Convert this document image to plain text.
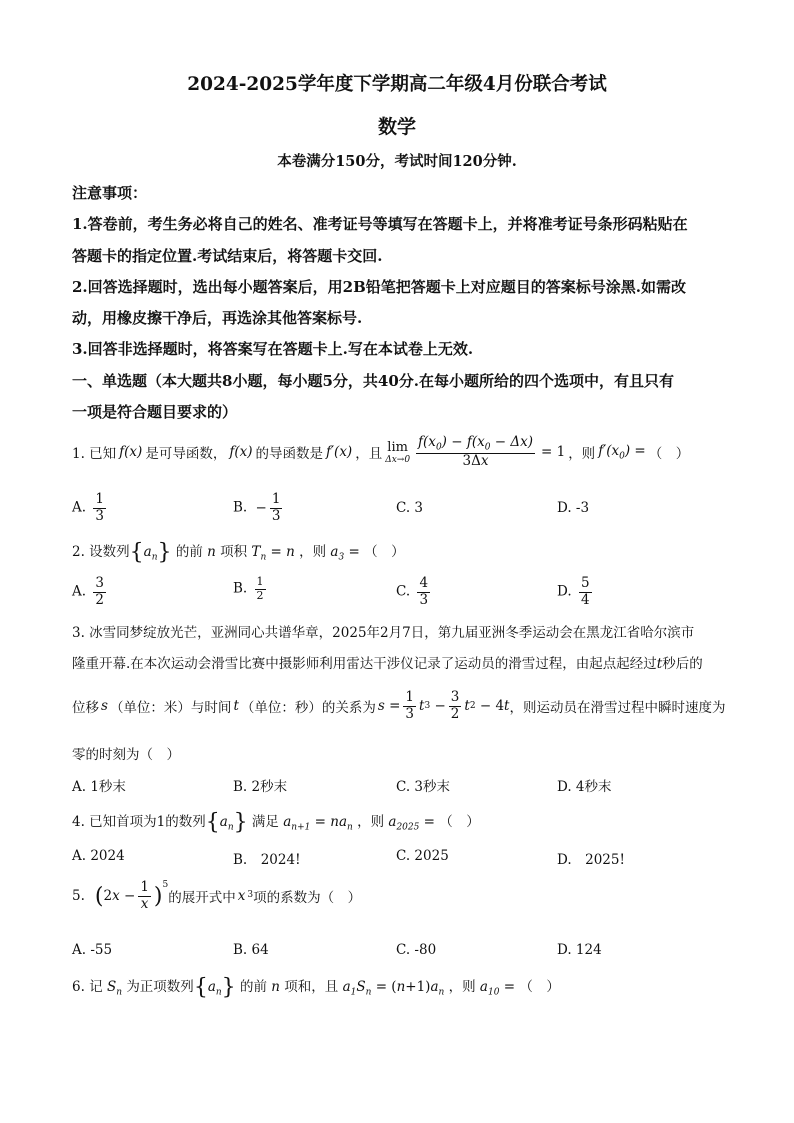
2024-2025学年度下学期高二年级4月份联合考试
数学
本卷满分150分，考试时间120分钟.
注意事项：
1.答卷前，考生务必将自己的姓名、准考证号等填写在答题卡上，并将准考证号条形码粘贴在
答题卡的指定位置.考试结束后，将答题卡交回.
2.回答选择题时，选出每小题答案后，用2B铅笔把答题卡上对应题目的答案标号涂黑.如需改
动，用橡皮擦干净后，再选涂其他答案标号.
3.回答非选择题时，将答案写在答题卡上.写在本试卷上无效.
一、单选题（本大题共8小题，每小题5分，共40分.在每小题所给的四个选项中，有且只有
一项是符合题目要求的）
1. 已知 f(x) 是可导函数， f(x) 的导函数是 f′(x) ，且 lim
$\Delta x\to 0 \frac{f(x_0) - f(x_0 - \Delta x)}{3\Delta x} = 1$ ，则 $f'(x_0)$ = （　）
A. $\frac{1}{3}$	B. − $\frac{1}{3}$	C. 3	D. -3
2. 设数列$\{a_n\}$ 的前 n 项积 $T_n = n$ ，则 $a_3$ = （　）
A. $\frac{3}{2}$	B. $\frac{1}{2}$	C. $\frac{4}{3}$	D. $\frac{5}{4}$
3. 冰雪同梦绽放光芒，亚洲同心共谱华章，2025年2月7日，第九届亚洲冬季运动会在黑龙江省哈尔滨市
隆重开幕.在本次运动会滑雪比赛中摄影师利用雷达干涉仪记录了运动员的滑雪过程，由起点起经过t秒后的
位移 s （单位：米）与时间 t （单位：秒）的关系为 $s = \frac{1}{3}$ t $3 - \frac{3}{2}$ t 2 − 4 t ，则运动员在滑雪过程中瞬时速度为
零的时刻为（　）
A. 1秒末	B. 2秒末	C. 3秒末	D. 4秒末
4. 已知首项为1的数列$\{a_n\}$ 满足 $a_{n+1} = na_n$ ，则 $a_{2025}$ = （　）
A. 2024	B.　2024!	C. 2025	D.　2025!
5. ( $2x - \frac{1}{x} )^5$
的展开式中 x 3 项的系数为（　）
A. -55	B. 64	C. -80	D. 124
6. 记 $S_n$ 为正项数列$\{a_n\}$ 的前 n 项和，且 $a_1S_n = (n+1)a_n$ ，则 $a_{10}$ = （　）
